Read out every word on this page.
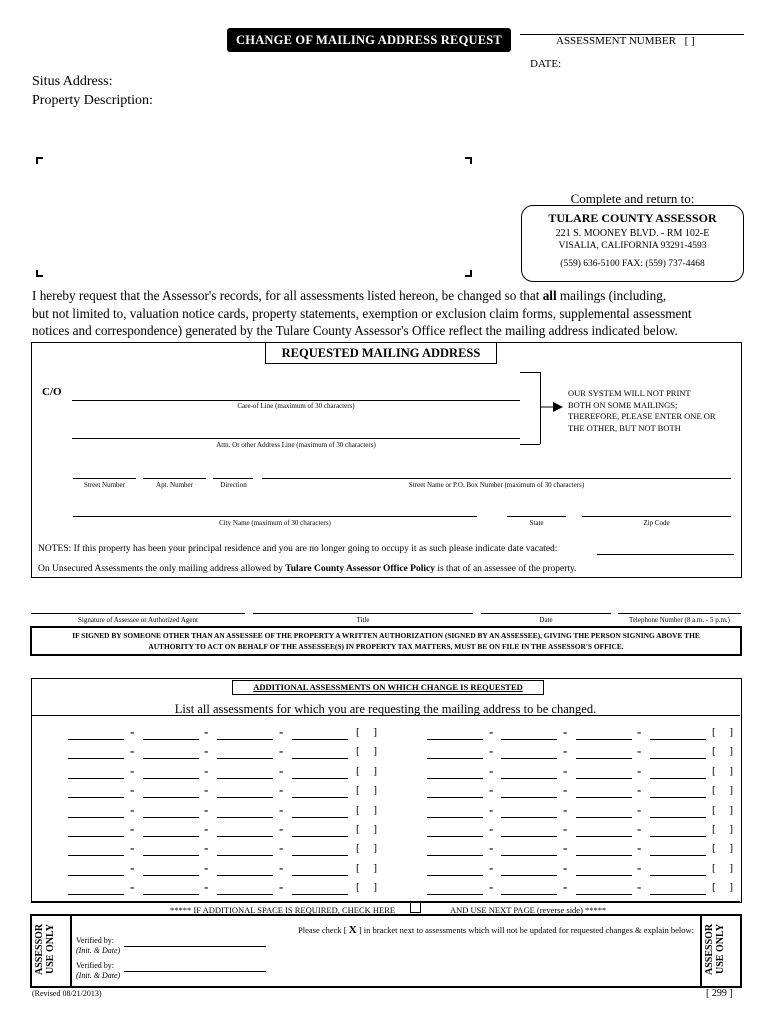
CHANGE OF MAILING ADDRESS REQUEST	ASSESSMENT NUMBER [ ]
DATE:
Situs Address:
Property Description:
Complete and return to:
TULARE COUNTY ASSESSOR
221 S. MOONEY BLVD. - RM 102-E
VISALIA, CALIFORNIA 93291-4593
(559) 636-5100 FAX: (559) 737-4468
I hereby request that the Assessor's records, for all assessments listed hereon, be changed so that all mailings (including,
but not limited to, valuation notice cards, property statements, exemption or exclusion claim forms, supplemental assessment
notices and correspondence) generated by the Tulare County Assessor's Office reflect the mailing address indicated below.
REQUESTED MAILING ADDRESS
C/O
Care-of Line (maximum of 30 characters)
Attn. Or other Address Line (maximum of 30 characters)
OUR SYSTEM WILL NOT PRINT
BOTH ON SOME MAILINGS;
THEREFORE, PLEASE ENTER ONE OR
THE OTHER, BUT NOT BOTH
Street Number	Apt. Number	Direction	Street Name or P.O. Box Number (maximum of 30 characters)
City Name (maximum of 30 characters)	State	Zip Code
NOTES: If this property has been your principal residence and you are no longer going to occupy it as such please indicate date vacated:
On Unsecured Assessments the only mailing address allowed by Tulare County Assessor Office Policy is that of an assessee of the property.
Signature of Assessee or Authorized Agent	Title	Date	Telephone Number (8 a.m. - 5 p.m.)
IF SIGNED BY SOMEONE OTHER THAN AN ASSESSEE OF THE PROPERTY A WRITTEN AUTHORIZATION (SIGNED BY AN ASSESSEE), GIVING THE PERSON SIGNING ABOVE THE
AUTHORITY TO ACT ON BEHALF OF THE ASSESSEE(S) IN PROPERTY TAX MATTERS, MUST BE ON FILE IN THE ASSESSOR'S OFFICE.
ADDITIONAL ASSESSMENTS ON WHICH CHANGE IS REQUESTED
List all assessments for which you are requesting the mailing address to be changed.
-	-	-	[     ]	-	-	-	[     ]
-	-	-	[     ]	-	-	-	[     ]
-	-	-	[     ]	-	-	-	[     ]
-	-	-	[     ]	-	-	-	[     ]
-	-	-	[     ]	-	-	-	[     ]
-	-	-	[     ]	-	-	-	[     ]
-	-	-	[     ]	-	-	-	[     ]
-	-	-	[     ]	-	-	-	[     ]
-	-	-	[     ]	-	-	-	[     ]
***** IF ADDITIONAL SPACE IS REQUIRED, CHECK HERE	AND USE NEXT PAGE (reverse side) *****
ASSESSOR
USE ONLY	ASSESSOR
USE ONLY
Verified by:
(Init. & Date)
Verified by:
(Init. & Date)
Please check [ X ] in bracket next to assessments which will not be updated for requested changes & explain below:
(Revised 08/21/2013)	[ 299 ]
